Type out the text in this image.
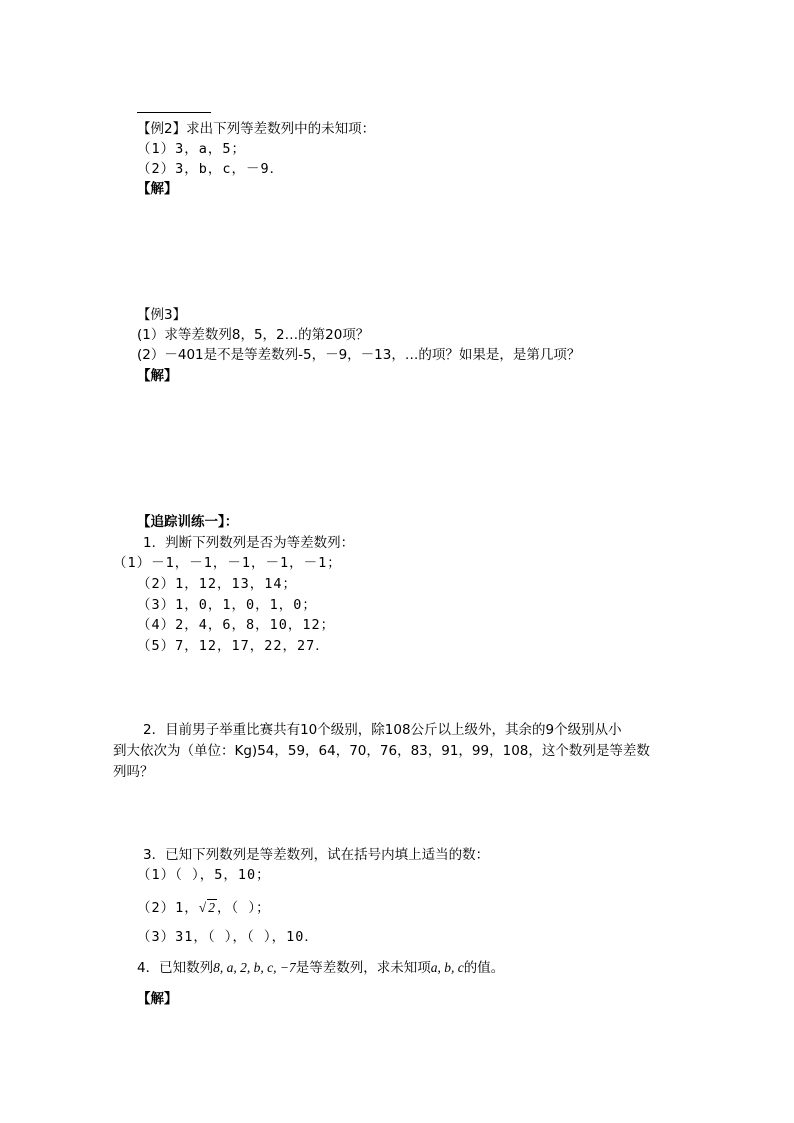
【例2】求出下列等差数列中的未知项：
（1）3，a，5；
（2）3，b，c，－9．
【解】
【例3】
(1）求等差数列8，5，2…的第20项？
(2）－401是不是等差数列-5，－9，－13，…的项？如果是，是第几项？
【解】
【追踪训练一】：
1．判断下列数列是否为等差数列：
（1）－1，－1，－1，－1，－1；
（2）1，12，13，14；
（3）1，0，1，0，1，0；
（4）2，4，6，8，10，12；
（5）7，12，17，22，27．
2．目前男子举重比赛共有10个级别，除108公斤以上级外，其余的9个级别从小
到大依次为（单位：Kg)54，59，64，70，76，83，91，99，108，这个数列是等差数
列吗？
3．已知下列数列是等差数列，试在括号内填上适当的数：
（1）（ ），5，10；
（2）1，√2，（ ）；
（3）31，（ ），（ ），10．
4．已知数列8, a, 2, b, c, −7是等差数列，求未知项a, b, c的值。
【解】
